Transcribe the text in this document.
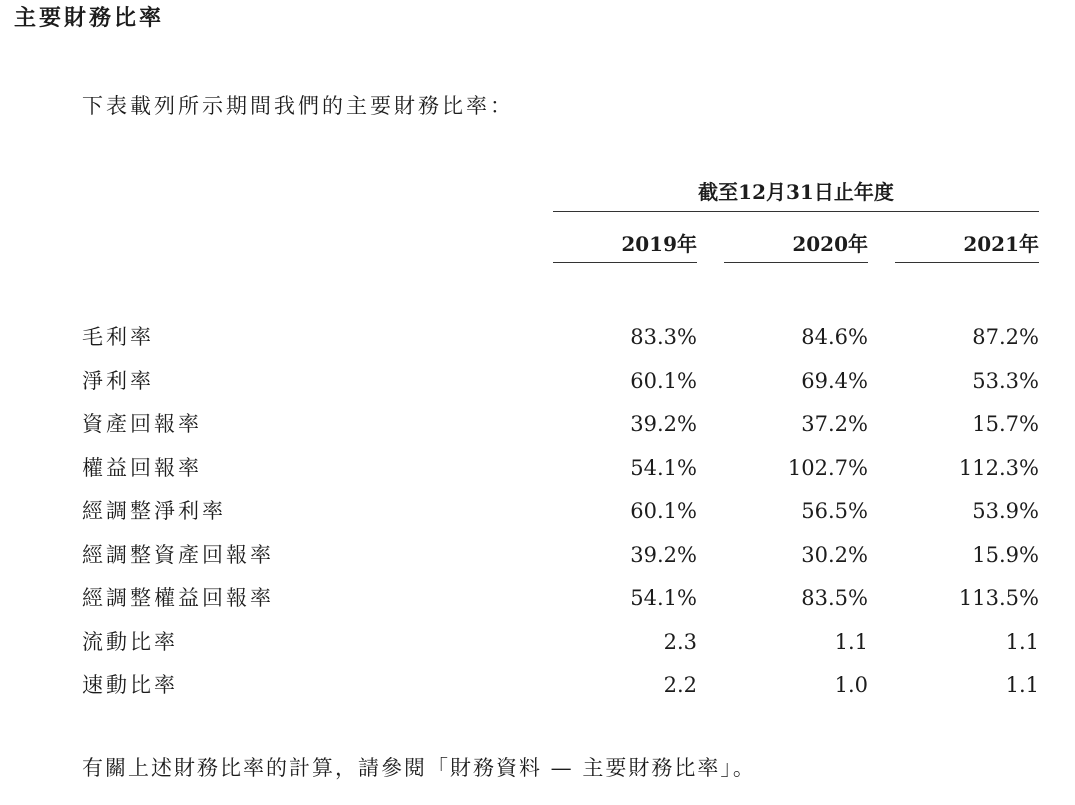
主要財務比率
下表載列所示期間我們的主要財務比率：
截至12月31日止年度
2019年	2020年	2021年
毛利率	83.3%	84.6%	87.2%
淨利率	60.1%	69.4%	53.3%
資產回報率	39.2%	37.2%	15.7%
權益回報率	54.1%	102.7%	112.3%
經調整淨利率	60.1%	56.5%	53.9%
經調整資產回報率	39.2%	30.2%	15.9%
經調整權益回報率	54.1%	83.5%	113.5%
流動比率	2.3	1.1	1.1
速動比率	2.2	1.0	1.1
有關上述財務比率的計算，請參閱「財務資料 — 主要財務比率」。
